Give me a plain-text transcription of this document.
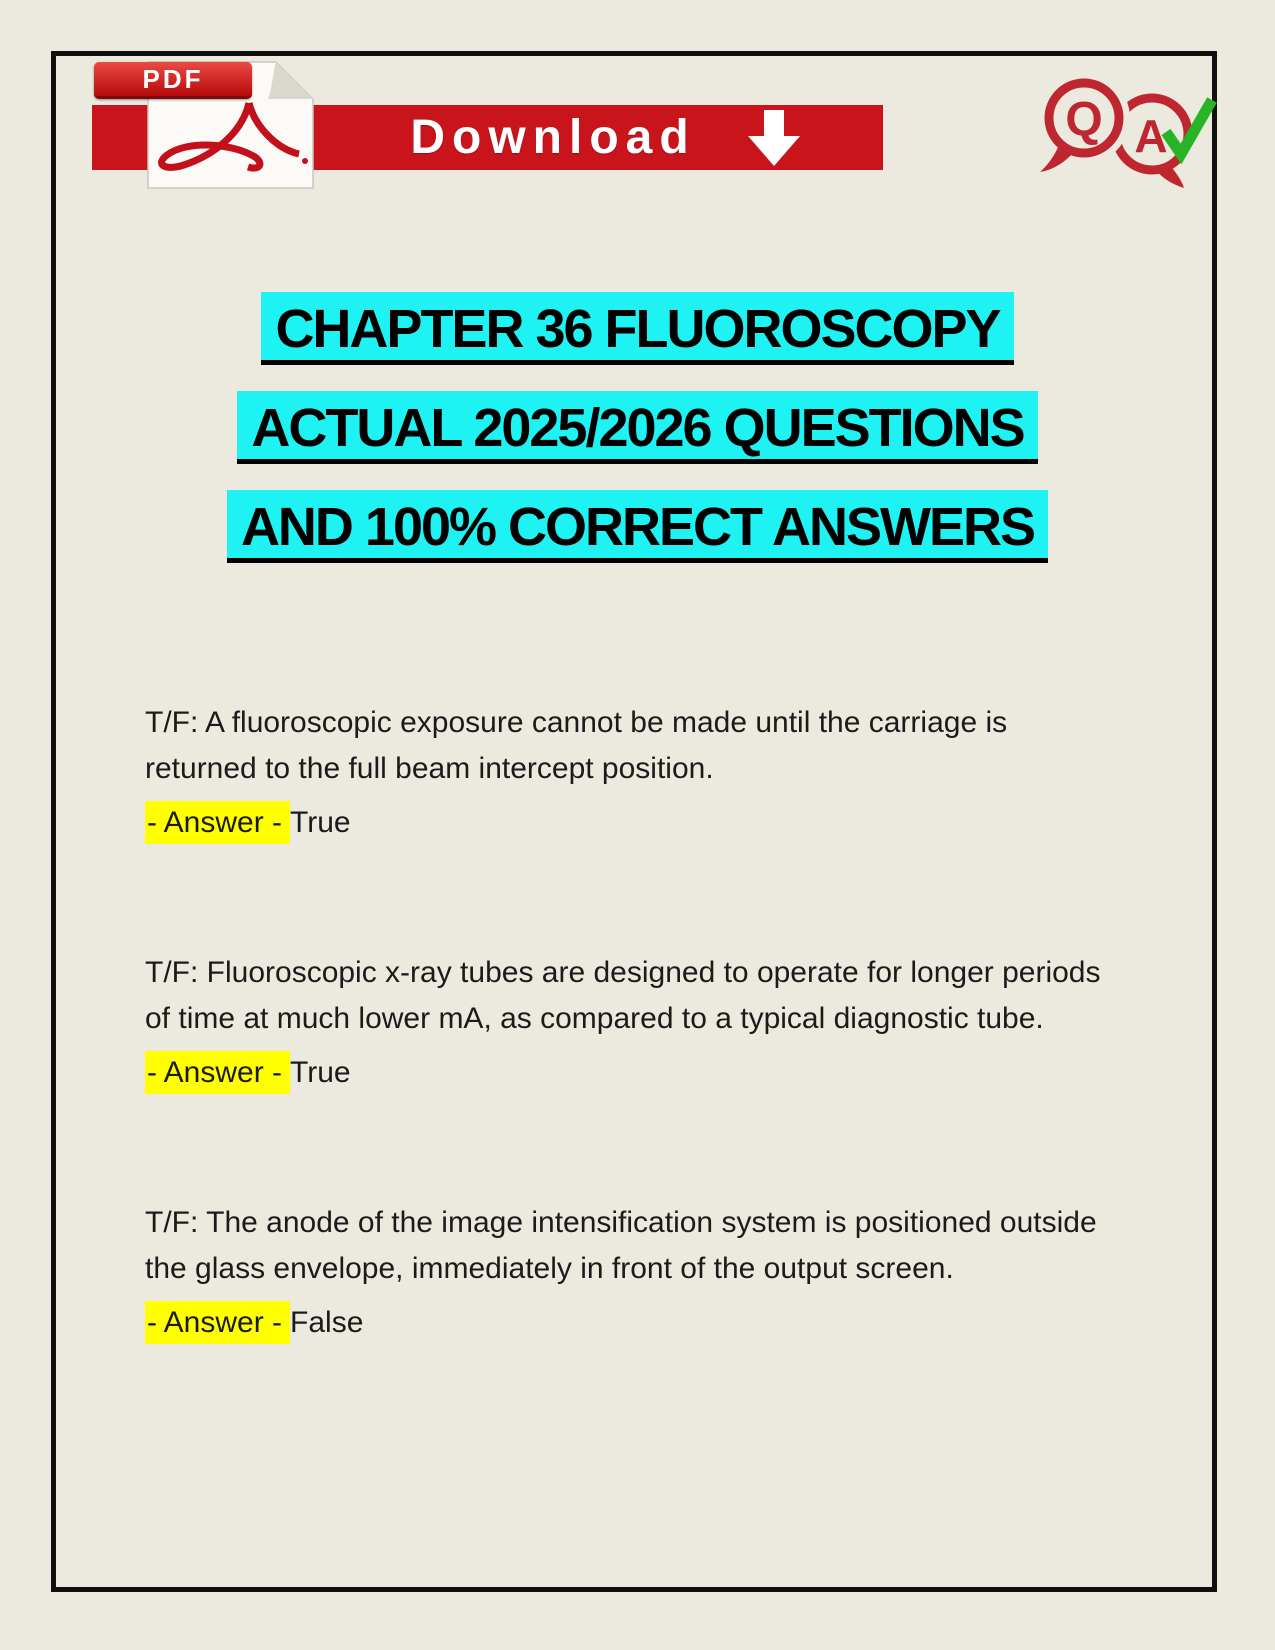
Download
PDF
Q A
CHAPTER 36 FLUOROSCOPY
ACTUAL 2025/2026 QUESTIONS
AND 100% CORRECT ANSWERS

T/F: A fluoroscopic exposure cannot be made until the carriage is returned to the full beam intercept position.

- Answer - True

T/F: Fluoroscopic x-ray tubes are designed to operate for longer periods of time at much lower mA, as compared to a typical diagnostic tube.

- Answer - True

T/F: The anode of the image intensification system is positioned outside the glass envelope, immediately in front of the output screen.

- Answer - False
